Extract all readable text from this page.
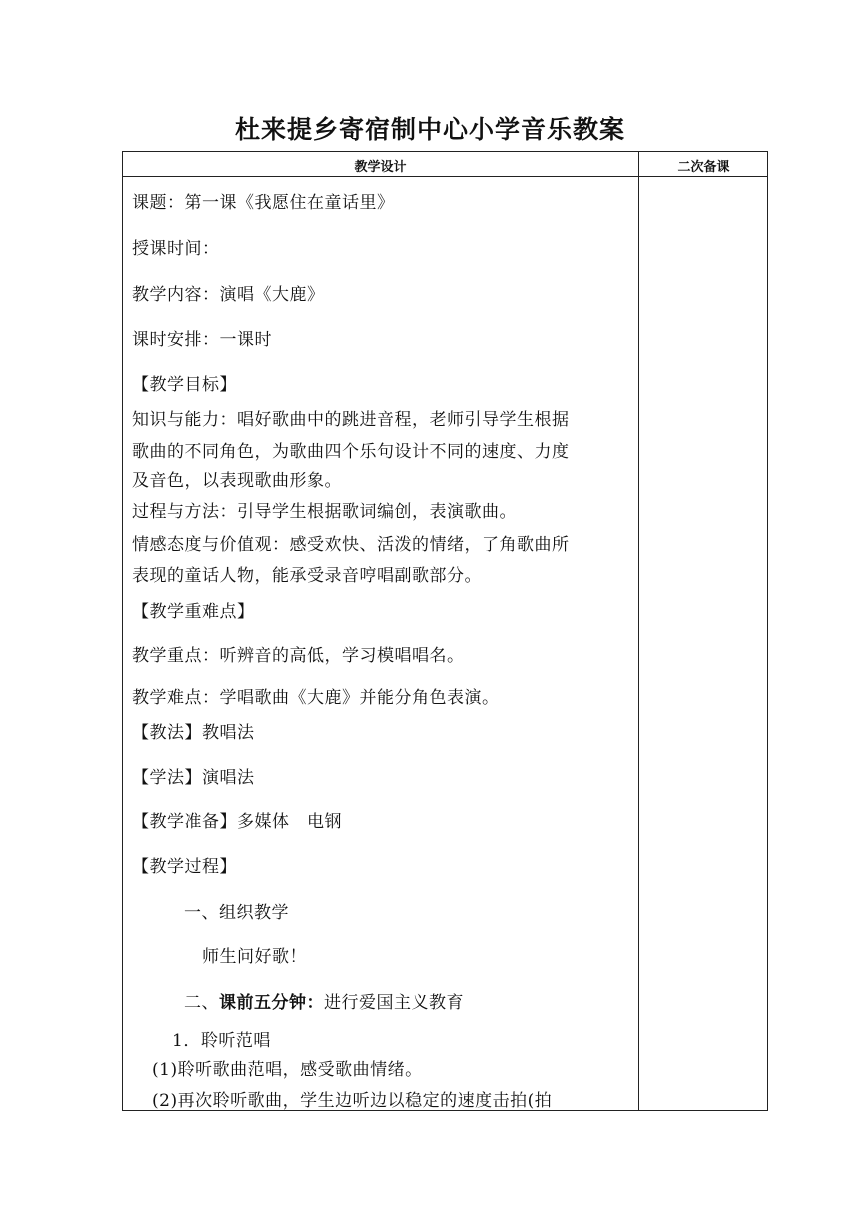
杜来提乡寄宿制中心小学音乐教案
教学设计	二次备课
课题：第一课《我愿住在童话里》
授课时间：
教学内容：演唱《大鹿》
课时安排：一课时
【教学目标】
知识与能力：唱好歌曲中的跳进音程，老师引导学生根据
歌曲的不同角色，为歌曲四个乐句设计不同的速度、力度
及音色，以表现歌曲形象。
过程与方法：引导学生根据歌词编创，表演歌曲。
情感态度与价值观：感受欢快、活泼的情绪，了角歌曲所
表现的童话人物，能承受录音哼唱副歌部分。
【教学重难点】
教学重点：听辨音的高低，学习模唱唱名。
教学难点：学唱歌曲《大鹿》并能分角色表演。
【教法】教唱法
【学法】演唱法
【教学准备】多媒体　电钢
【教学过程】
一、组织教学
师生问好歌！
二、课前五分钟：进行爱国主义教育
1．聆听范唱
(1)聆听歌曲范唱，感受歌曲情绪。
(2)再次聆听歌曲，学生边听边以稳定的速度击拍(拍
